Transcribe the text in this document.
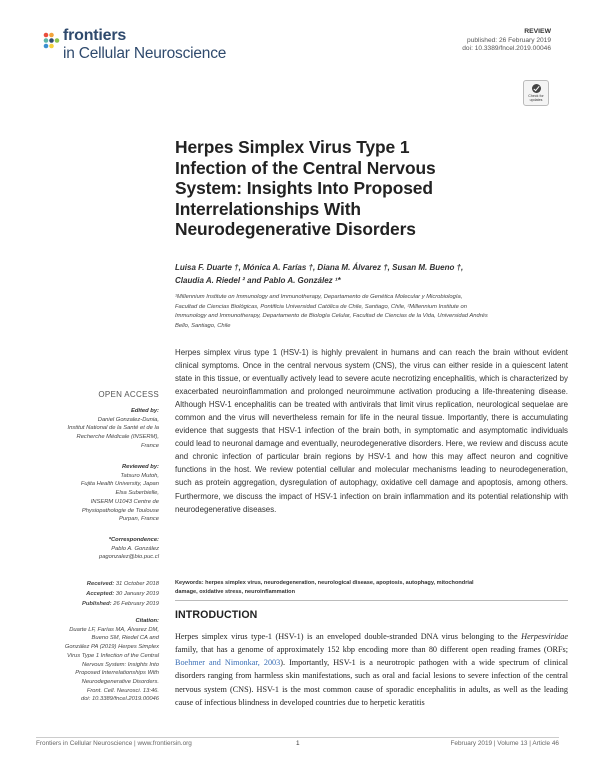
frontiers
in Cellular Neuroscience
REVIEW
published: 26 February 2019
doi: 10.3389/fncel.2019.00046
Check for
updates
Herpes Simplex Virus Type 1
Infection of the Central Nervous
System: Insights Into Proposed
Interrelationships With
Neurodegenerative Disorders
Luisa F. Duarte †, Mónica A. Farías †, Diana M. Álvarez †, Susan M. Bueno †,
Claudia A. Riedel ² and Pablo A. González ¹*
¹Millennium Institute on Immunology and Immunotherapy, Departamento de Genética Molecular y Microbiología,
Facultad de Ciencias Biológicas, Pontificia Universidad Católica de Chile, Santiago, Chile, ²Millennium Institute on
Immunology and Immunotherapy, Departamento de Biología Celular, Facultad de Ciencias de la Vida, Universidad Andrés
Bello, Santiago, Chile
Herpes simplex virus type 1 (HSV-1) is highly prevalent in humans and can reach the brain without evident clinical symptoms. Once in the central nervous system (CNS), the virus can either reside in a quiescent latent state in this tissue, or eventually actively lead to severe acute necrotizing encephalitis, which is characterized by exacerbated neuroinflammation and prolonged neuroimmune activation producing a life-threatening disease. Although HSV-1 encephalitis can be treated with antivirals that limit virus replication, neurological sequelae are common and the virus will nevertheless remain for life in the neural tissue. Importantly, there is accumulating evidence that suggests that HSV-1 infection of the brain both, in symptomatic and asymptomatic individuals could lead to neuronal damage and eventually, neurodegenerative disorders. Here, we review and discuss acute and chronic infection of particular brain regions by HSV-1 and how this may affect neuron and cognitive functions in the host. We review potential cellular and molecular mechanisms leading to neurodegeneration, such as protein aggregation, dysregulation of autophagy, oxidative cell damage and apoptosis, among others. Furthermore, we discuss the impact of HSV-1 infection on brain inflammation and its potential relationship with neurodegenerative diseases.
Keywords: herpes simplex virus, neurodegeneration, neurological disease, apoptosis, autophagy, mitochondrial
damage, oxidative stress, neuroinflammation
OPEN ACCESS
Edited by:
Daniel Gonzalez-Dunia,
Institut National de la Santé et de la
Recherche Médicale (INSERM),
France
Reviewed by:
Tatsuro Mutoh,
Fujita Health University, Japan
Elsa Suberbielle,
INSERM U1043 Centre de
Physiopathologie de Toulouse
Purpan, France
*Correspondence:
Pablo A. González
pagonzalez@bio.puc.cl
Received: 31 October 2018
Accepted: 30 January 2019
Published: 26 February 2019
Citation:
Duarte LF, Farías MA, Álvarez DM,
Bueno SM, Riedel CA and
González PA (2019) Herpes Simplex
Virus Type 1 Infection of the Central
Nervous System: Insights Into
Proposed Interrelationships With
Neurodegenerative Disorders.
Front. Cell. Neurosci. 13:46.
doi: 10.3389/fncel.2019.00046
INTRODUCTION
Herpes simplex virus type-1 (HSV-1) is an enveloped double-stranded DNA virus belonging to the Herpesviridae family, that has a genome of approximately 152 kbp encoding more than 80 different open reading frames (ORFs; Boehmer and Nimonkar, 2003). Importantly, HSV-1 is a neurotropic pathogen with a wide spectrum of clinical disorders ranging from harmless skin manifestations, such as oral and facial lesions to severe infection of the central nervous system (CNS). HSV-1 is the most common cause of sporadic encephalitis in adults, as well as the leading cause of infectious blindness in developed countries due to herpetic keratitis
Frontiers in Cellular Neuroscience | www.frontiersin.org	1	February 2019 | Volume 13 | Article 46
